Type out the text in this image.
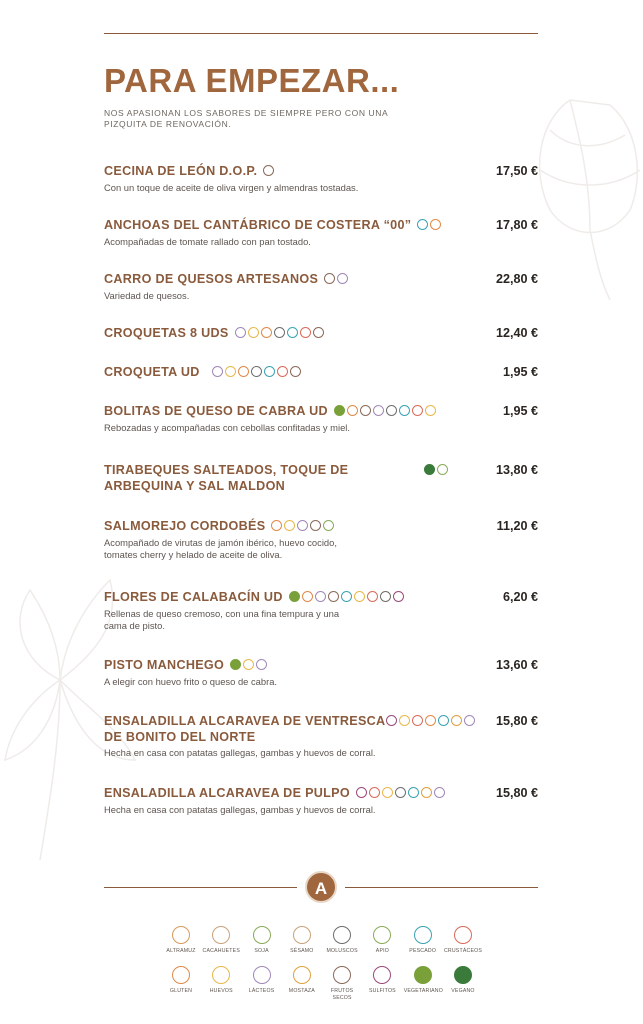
PARA EMPEZAR...
NOS APASIONAN LOS SABORES DE SIEMPRE PERO CON UNA PIZQUITA DE RENOVACIÓN.
CECINA DE LEÓN D.O.P.	17,50 €
Con un toque de aceite de oliva virgen y almendras tostadas.
ANCHOAS DEL CANTÁBRICO DE COSTERA “00”	17,80 €
Acompañadas de tomate rallado con pan tostado.
CARRO DE QUESOS ARTESANOS	22,80 €
Variedad de quesos.
CROQUETAS 8 UDS	12,40 €
CROQUETA UD	1,95 €
BOLITAS DE QUESO DE CABRA UD	1,95 €
Rebozadas y acompañadas con cebollas confitadas y miel.
TIRABEQUES SALTEADOS, TOQUE DE ARBEQUINA Y SAL MALDON
13,80 €
SALMOREJO CORDOBÉS	11,20 €
Acompañado de virutas de jamón ibérico, huevo cocido, tomates cherry y helado de aceite de oliva.
FLORES DE CALABACÍN UD	6,20 €
Rellenas de queso cremoso, con una fina tempura y una cama de pisto.
PISTO MANCHEGO	13,60 €
A elegir con huevo frito o queso de cabra.
ENSALADILLA ALCARAVEA DE VENTRESCA DE BONITO DEL NORTE
15,80 €
Hecha en casa con patatas gallegas, gambas y huevos de corral.
ENSALADILLA ALCARAVEA DE PULPO	15,80 €
Hecha en casa con patatas gallegas, gambas y huevos de corral.
A
ALTRAMUZ	CACAHUETES	SOJA	SÉSAMO	MOLUSCOS	APIO	PESCADO	CRUSTÁCEOS
GLUTEN	HUEVOS	LÁCTEOS	MOSTAZA	FRUTOS SECOS
SULFITOS	VEGETARIANO	VEGANO
